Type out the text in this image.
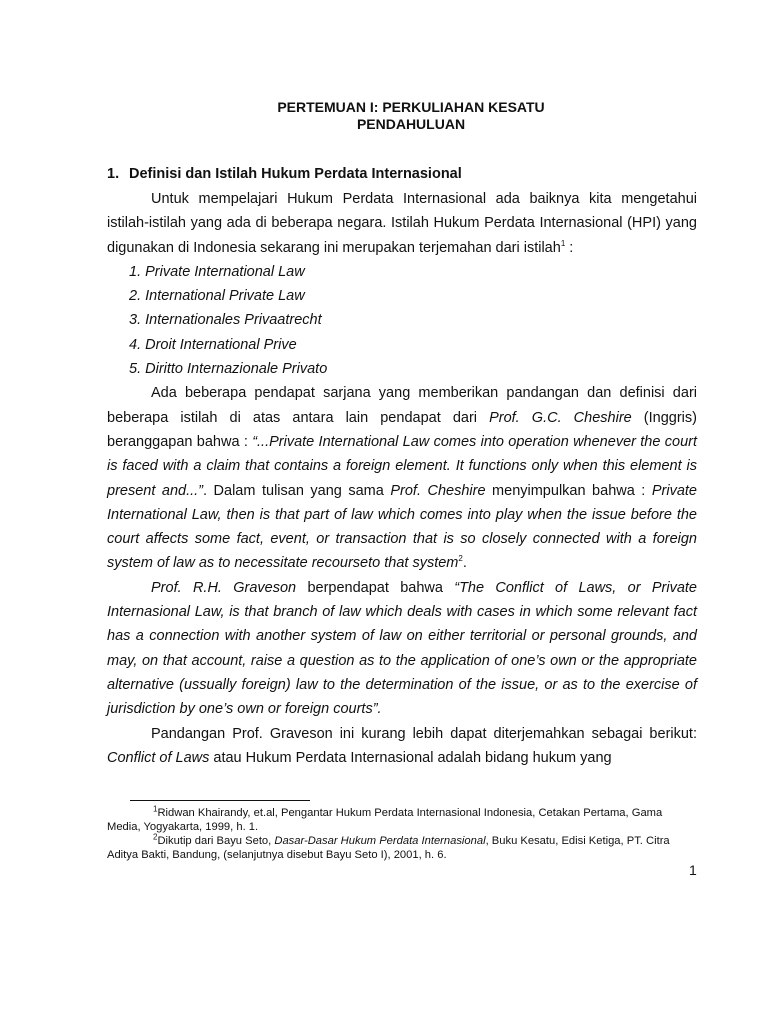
PERTEMUAN I: PERKULIAHAN KESATU
PENDAHULUAN
1. Definisi dan Istilah Hukum Perdata Internasional

Untuk mempelajari Hukum Perdata Internasional ada baiknya kita mengetahui istilah-istilah yang ada di beberapa negara. Istilah Hukum Perdata Internasional (HPI) yang digunakan di Indonesia sekarang ini merupakan terjemahan dari istilah$^1$ :

1. Private International Law
2. International Private Law
3. Internationales Privaatrecht
4. Droit International Prive
5. Diritto Internazionale Privato

Ada beberapa pendapat sarjana yang memberikan pandangan dan definisi dari beberapa istilah di atas antara lain pendapat dari Prof. G.C. Cheshire (Inggris) beranggapan bahwa : “...Private International Law comes into operation whenever the court is faced with a claim that contains a foreign element. It functions only when this element is present and...”. Dalam tulisan yang sama Prof. Cheshire menyimpulkan bahwa : Private International Law, then is that part of law which comes into play when the issue before the court affects some fact, event, or transaction that is so closely connected with a foreign system of law as to necessitate recourseto that system$^2$.

Prof. R.H. Graveson berpendapat bahwa “The Conflict of Laws, or Private Internasional Law, is that branch of law which deals with cases in which some relevant fact has a connection with another system of law on either territorial or personal grounds, and may, on that account, raise a question as to the application of one’s own or the appropriate alternative (ussually foreign) law to the determination of the issue, or as to the exercise of jurisdiction by one’s own or foreign courts”.

Pandangan Prof. Graveson ini kurang lebih dapat diterjemahkan sebagai berikut: Conflict of Laws atau Hukum Perdata Internasional adalah bidang hukum yang

$^1$Ridwan Khairandy, et.al, Pengantar Hukum Perdata Internasional Indonesia, Cetakan Pertama, Gama Media, Yogyakarta, 1999, h. 1.

$^2$Dikutip dari Bayu Seto, Dasar-Dasar Hukum Perdata Internasional, Buku Kesatu, Edisi Ketiga, PT. Citra Aditya Bakti, Bandung, (selanjutnya disebut Bayu Seto I), 2001, h. 6.

1
